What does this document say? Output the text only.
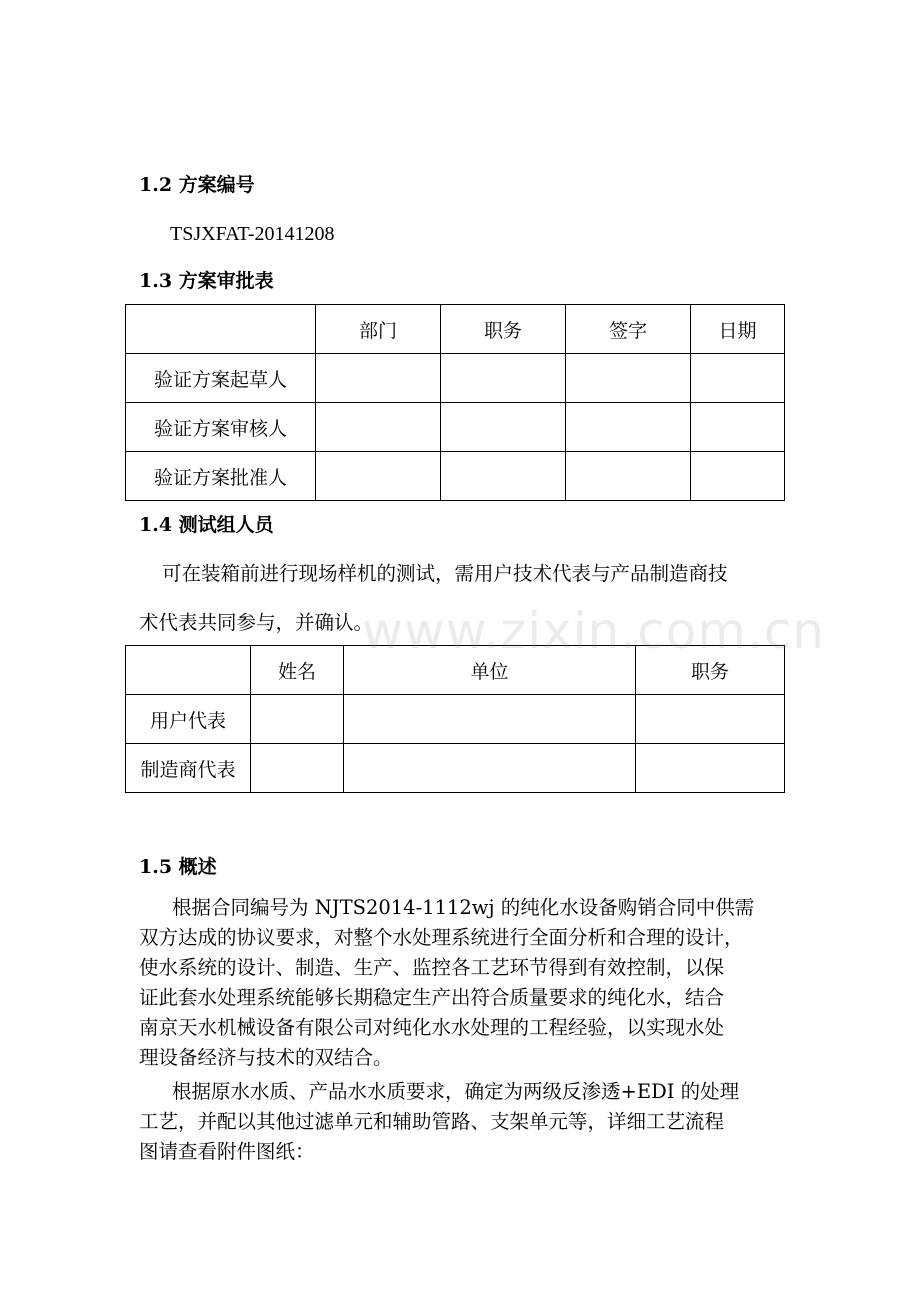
1.2 方案编号
TSJXFAT-20141208
1.3 方案审批表
	部门	职务	签字	日期
验证方案起草人				
验证方案审核人				
验证方案批准人				
1.4 测试组人员
可在装箱前进行现场样机的测试，需用户技术代表与产品制造商技
术代表共同参与，并确认。
	姓名	单位	职务
用户代表			
制造商代表			
1.5 概述
根据合同编号为 NJTS2014-1112wj 的纯化水设备购销合同中供需
双方达成的协议要求，对整个水处理系统进行全面分析和合理的设计，
使水系统的设计、制造、生产、监控各工艺环节得到有效控制，以保
证此套水处理系统能够长期稳定生产出符合质量要求的纯化水，结合
南京天水机械设备有限公司对纯化水水处理的工程经验，以实现水处
理设备经济与技术的双结合。
根据原水水质、产品水水质要求，确定为两级反渗透+EDI 的处理
工艺，并配以其他过滤单元和辅助管路、支架单元等，详细工艺流程
图请查看附件图纸：
www.zixin.com.cn
